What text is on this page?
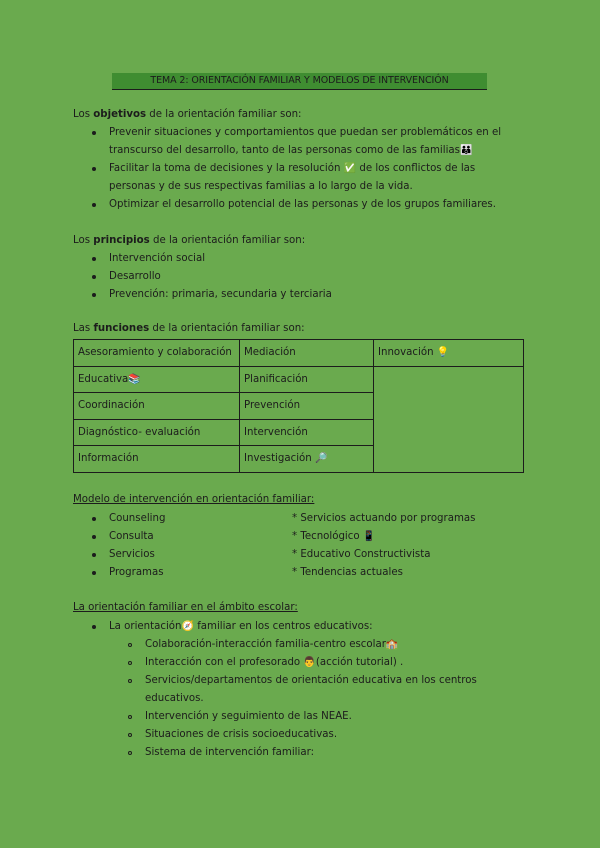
TEMA 2: ORIENTACIÓN FAMILIAR Y MODELOS DE INTERVENCIÓN
Los objetivos de la orientación familiar son:
Prevenir situaciones y comportamientos que puedan ser problemáticos en el
transcurso del desarrollo, tanto de las personas como de las familias👪
Facilitar la toma de decisiones y la resolución ✅ de los conflictos de las
personas y de sus respectivas familias a lo largo de la vida.
Optimizar el desarrollo potencial de las personas y de los grupos familiares.
Los principios de la orientación familiar son:
Intervención social
Desarrollo
Prevención: primaria, secundaria y terciaria
Las funciones de la orientación familiar son:
Asesoramiento y colaboración	Mediación	Innovación 💡
Educativa📚	Planificación	
Coordinación	Prevención	
Diagnóstico- evaluación	Intervención	
Información	Investigación 🔎	
Modelo de intervención en orientación familiar:
Counseling
Consulta
Servicios
Programas
* Servicios actuando por programas
* Tecnológico 📱
* Educativo Constructivista
* Tendencias actuales
La orientación familiar en el ámbito escolar:
La orientación🧭 familiar en los centros educativos:
Colaboración-interacción familia-centro escolar🏫
Interacción con el profesorado 👨(acción tutorial) .
Servicios/departamentos de orientación educativa en los centros
educativos.
Intervención y seguimiento de las NEAE.
Situaciones de crisis socioeducativas.
Sistema de intervención familiar:
